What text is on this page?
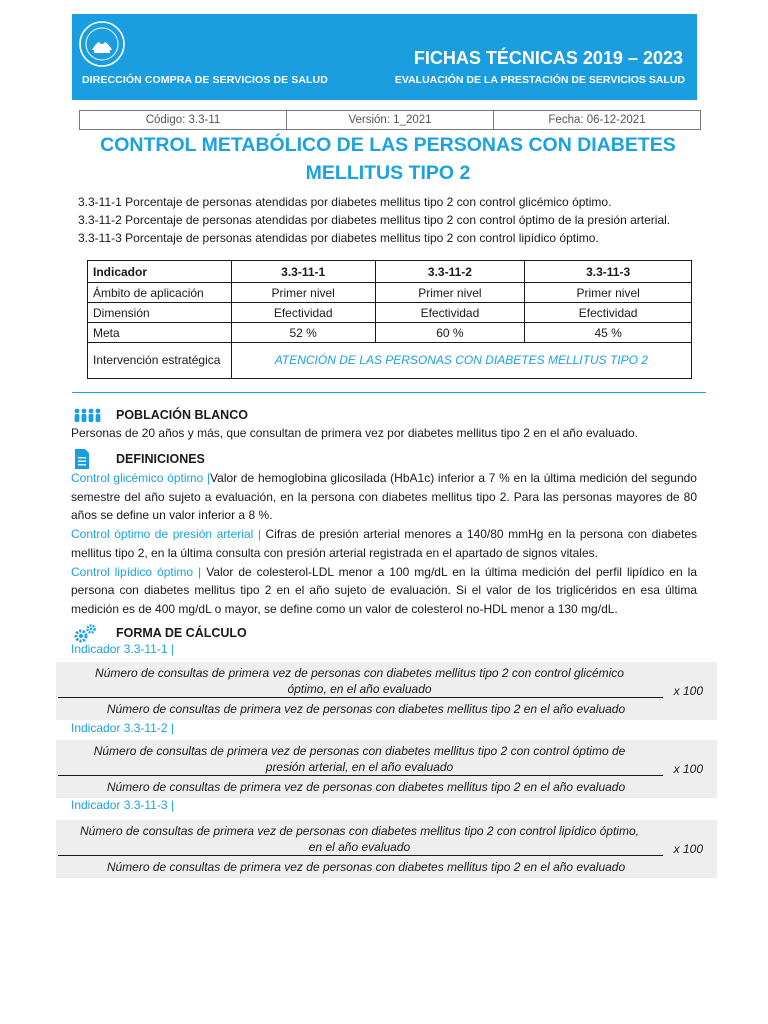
DIRECCIÓN COMPRA DE SERVICIOS DE SALUD
FICHAS TÉCNICAS 2019 – 2023
EVALUACIÓN DE LA PRESTACIÓN DE SERVICIOS SALUD
Código: 3.3-11	Versión: 1_2021	Fecha: 06-12-2021
CONTROL METABÓLICO DE LAS PERSONAS CON DIABETES
MELLITUS TIPO 2
3.3-11-1 Porcentaje de personas atendidas por diabetes mellitus tipo 2 con control glicémico óptimo.
3.3-11-2 Porcentaje de personas atendidas por diabetes mellitus tipo 2 con control óptimo de la presión arterial.
3.3-11-3 Porcentaje de personas atendidas por diabetes mellitus tipo 2 con control lipídico óptimo.
Indicador	3.3-11-1	3.3-11-2	3.3-11-3
Ámbito de aplicación	Primer nivel	Primer nivel	Primer nivel
Dimensión	Efectividad	Efectividad	Efectividad
Meta	52 %	60 %	45 %
Intervención estratégica	ATENCIÓN DE LAS PERSONAS CON DIABETES MELLITUS TIPO 2		
POBLACIÓN BLANCO
Personas de 20 años y más, que consultan de primera vez por diabetes mellitus tipo 2 en el año evaluado.
DEFINICIONES

Control glicémico óptimo |Valor de hemoglobina glicosilada (HbA1c) inferior a 7 % en la última medición del segundo semestre del año sujeto a evaluación, en la persona con diabetes mellitus tipo 2. Para las personas mayores de 80 años se define un valor inferior a 8 %.

Control óptimo de presión arterial | Cifras de presión arterial menores a 140/80 mmHg en la persona con diabetes mellitus tipo 2, en la última consulta con presión arterial registrada en el apartado de signos vitales.

Control lipídico óptimo | Valor de colesterol-LDL menor a 100 mg/dL en la última medición del perfil lipídico en la persona con diabetes mellitus tipo 2 en el año sujeto de evaluación. Si el valor de los triglicéridos en esa última medición es de 400 mg/dL o mayor, se define como un valor de colesterol no-HDL menor a 130 mg/dL.

FORMA DE CÁLCULO
Indicador 3.3-11-1 |
Número de consultas de primera vez de personas con diabetes mellitus tipo 2 con control glicémico
óptimo, en el año evaluado
Número de consultas de primera vez de personas con diabetes mellitus tipo 2 en el año evaluado
x 100
Indicador 3.3-11-2 |
Número de consultas de primera vez de personas con diabetes mellitus tipo 2 con control óptimo de
presión arterial, en el año evaluado
Número de consultas de primera vez de personas con diabetes mellitus tipo 2 en el año evaluado
x 100
Indicador 3.3-11-3 |
Número de consultas de primera vez de personas con diabetes mellitus tipo 2 con control lipídico óptimo,
en el año evaluado
Número de consultas de primera vez de personas con diabetes mellitus tipo 2 en el año evaluado
x 100
